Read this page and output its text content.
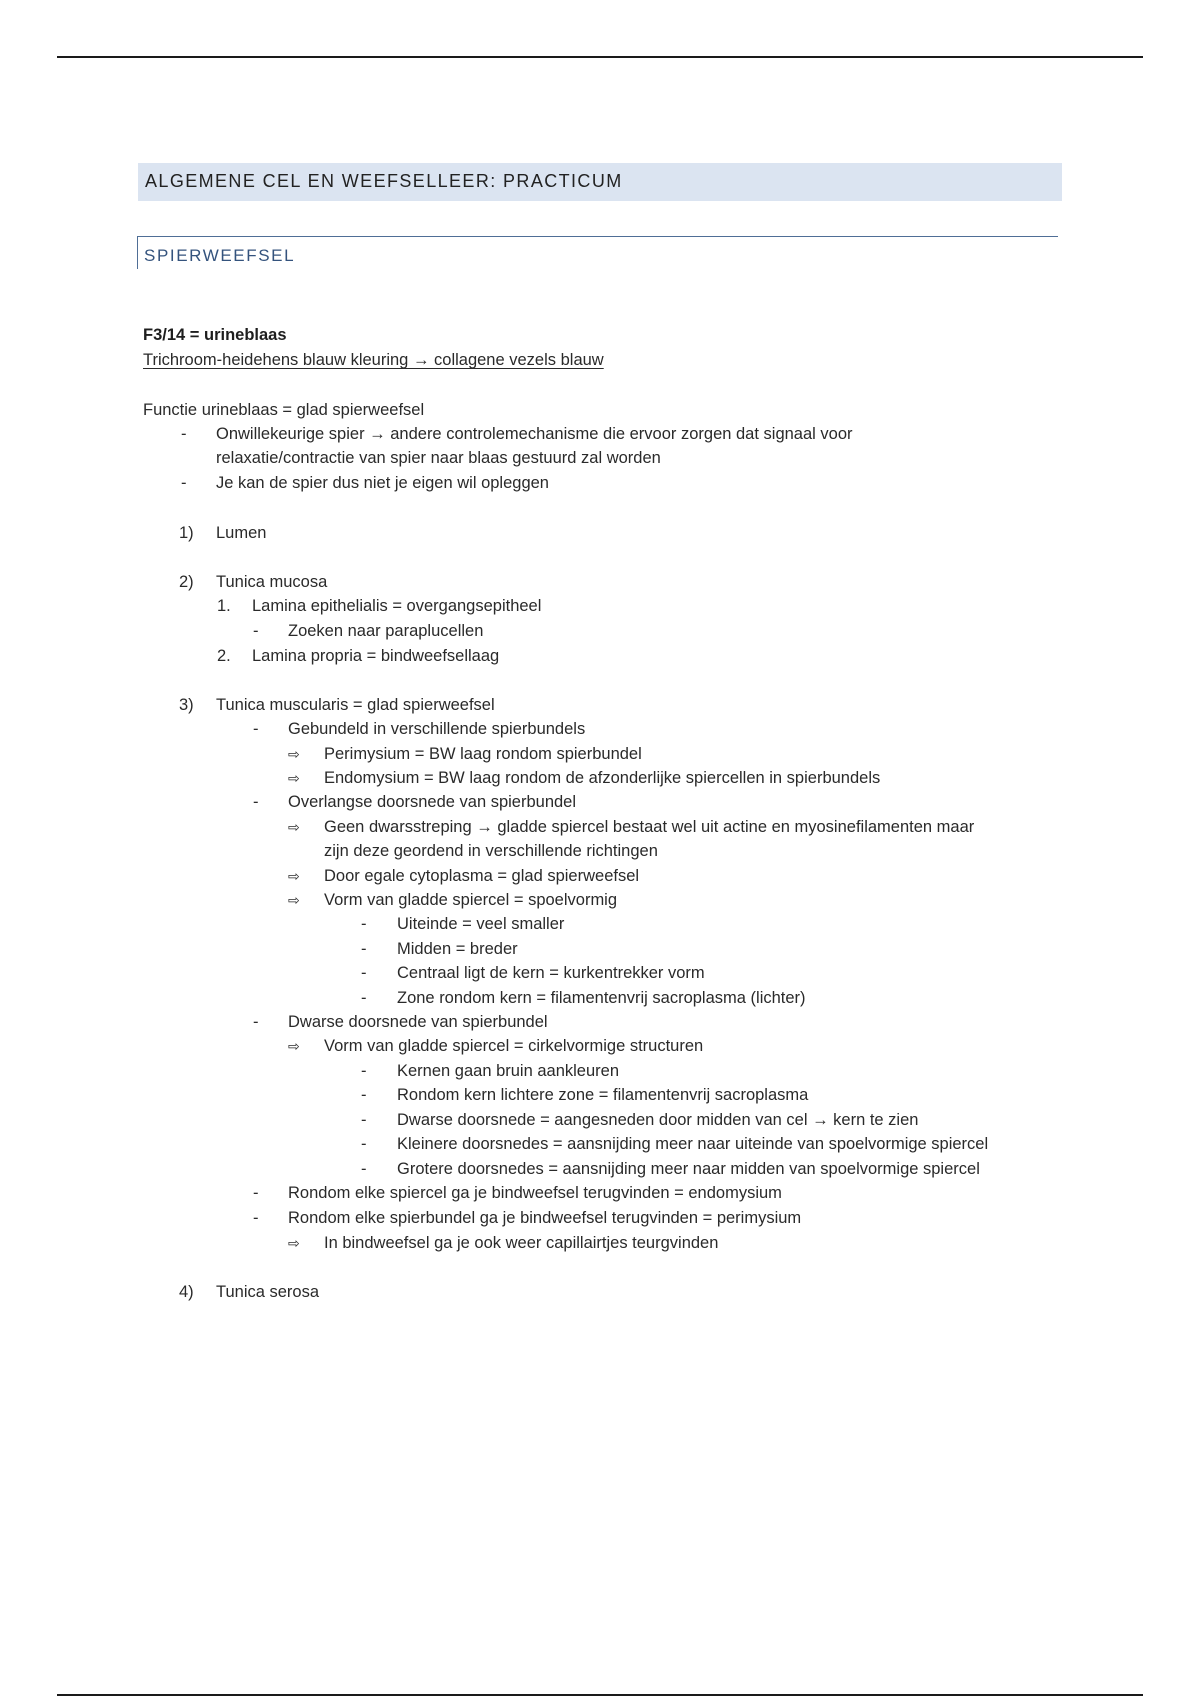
ALGEMENE CEL EN WEEFSELLEER: PRACTICUM
SPIERWEEFSEL
F3/14 = urineblaas
Trichroom-heidehens blauw kleuring → collagene vezels blauw
Functie urineblaas = glad spierweefsel
- Onwillekeurige spier → andere controlemechanisme die ervoor zorgen dat signaal voor
relaxatie/contractie van spier naar blaas gestuurd zal worden
- Je kan de spier dus niet je eigen wil opleggen
1) Lumen
2) Tunica mucosa
1. Lamina epithelialis = overgangsepitheel
- Zoeken naar paraplucellen
2. Lamina propria = bindweefsellaag
3) Tunica muscularis = glad spierweefsel
- Gebundeld in verschillende spierbundels
⇨ Perimysium = BW laag rondom spierbundel
⇨ Endomysium = BW laag rondom de afzonderlijke spiercellen in spierbundels
- Overlangse doorsnede van spierbundel
⇨ Geen dwarsstreping → gladde spiercel bestaat wel uit actine en myosinefilamenten maar
zijn deze geordend in verschillende richtingen
⇨ Door egale cytoplasma = glad spierweefsel
⇨ Vorm van gladde spiercel = spoelvormig
- Uiteinde = veel smaller
- Midden = breder
- Centraal ligt de kern = kurkentrekker vorm
- Zone rondom kern = filamentenvrij sacroplasma (lichter)
- Dwarse doorsnede van spierbundel
⇨ Vorm van gladde spiercel = cirkelvormige structuren
- Kernen gaan bruin aankleuren
- Rondom kern lichtere zone = filamentenvrij sacroplasma
- Dwarse doorsnede = aangesneden door midden van cel → kern te zien
- Kleinere doorsnedes = aansnijding meer naar uiteinde van spoelvormige spiercel
- Grotere doorsnedes = aansnijding meer naar midden van spoelvormige spiercel
- Rondom elke spiercel ga je bindweefsel terugvinden = endomysium
- Rondom elke spierbundel ga je bindweefsel terugvinden = perimysium
⇨ In bindweefsel ga je ook weer capillairtjes teurgvinden
4) Tunica serosa
